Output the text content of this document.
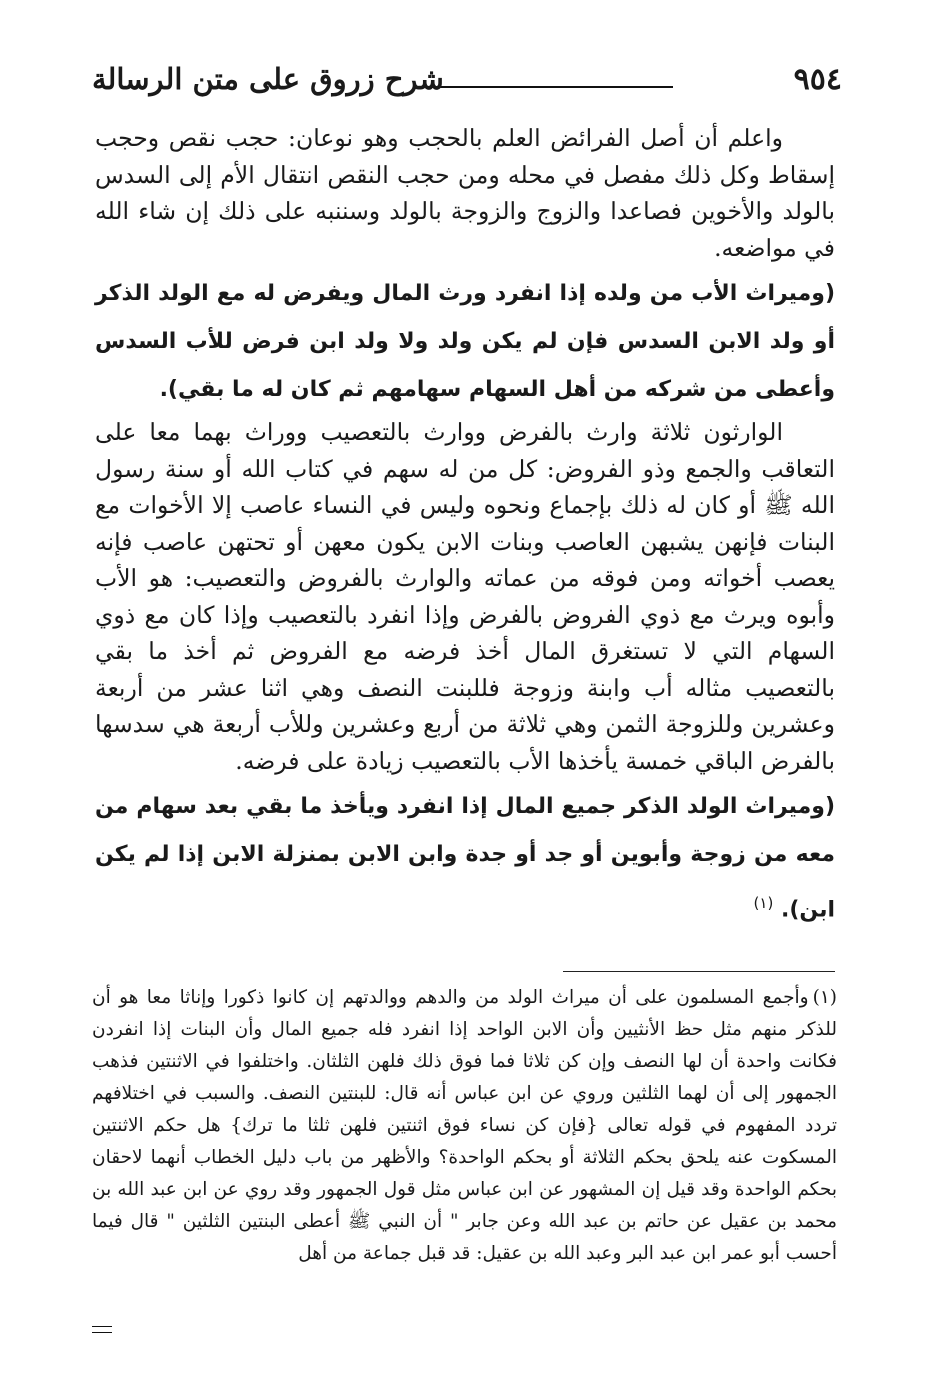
٩٥٤
شرح زروق على متن الرسالة

واعلم أن أصل الفرائض العلم بالحجب وهو نوعان: حجب نقص وحجب إسقاط وكل ذلك مفصل في محله ومن حجب النقص انتقال الأم إلى السدس بالولد والأخوين فصاعدا والزوج والزوجة بالولد وسننبه على ذلك إن شاء الله في مواضعه.

(وميراث الأب من ولده إذا انفرد ورث المال ويفرض له مع الولد الذكر أو ولد الابن السدس فإن لم يكن ولد ولا ولد ابن فرض للأب السدس وأعطى من شركه من أهل السهام سهامهم ثم كان له ما بقي).

الوارثون ثلاثة وارث بالفرض ووارث بالتعصيب ووراث بهما معا على التعاقب والجمع وذو الفروض: كل من له سهم في كتاب الله أو سنة رسول الله ﷺ أو كان له ذلك بإجماع ونحوه وليس في النساء عاصب إلا الأخوات مع البنات فإنهن يشبهن العاصب وبنات الابن يكون معهن أو تحتهن عاصب فإنه يعصب أخواته ومن فوقه من عماته والوارث بالفروض والتعصيب: هو الأب وأبوه ويرث مع ذوي الفروض بالفرض وإذا انفرد بالتعصيب وإذا كان مع ذوي السهام التي لا تستغرق المال أخذ فرضه مع الفروض ثم أخذ ما بقي بالتعصيب مثاله أب وابنة وزوجة فللبنت النصف وهي اثنا عشر من أربعة وعشرين وللزوجة الثمن وهي ثلاثة من أربع وعشرين وللأب أربعة هي سدسها بالفرض الباقي خمسة يأخذها الأب بالتعصيب زيادة على فرضه.

(وميراث الولد الذكر جميع المال إذا انفرد ويأخذ ما بقي بعد سهام من معه من زوجة وأبوين أو جد أو جدة وابن الابن بمنزلة الابن إذا لم يكن ابن). $^{(١)}$

(١)وأجمع المسلمون على أن ميراث الولد من والدهم ووالدتهم إن كانوا ذكورا وإناثا معا هو أن للذكر منهم مثل حظ الأنثيين وأن الابن الواحد إذا انفرد فله جميع المال وأن البنات إذا انفردن فكانت واحدة أن لها النصف وإن كن ثلاثا فما فوق ذلك فلهن الثلثان. واختلفوا في الاثنتين فذهب الجمهور إلى أن لهما الثلثين وروي عن ابن عباس أنه قال: للبنتين النصف. والسبب في اختلافهم تردد المفهوم في قوله تعالى {فإن كن نساء فوق اثنتين فلهن ثلثا ما ترك} هل حكم الاثنتين المسكوت عنه يلحق بحكم الثلاثة أو بحكم الواحدة؟ والأظهر من باب دليل الخطاب أنهما لاحقان بحكم الواحدة وقد قيل إن المشهور عن ابن عباس مثل قول الجمهور وقد روي عن ابن عبد الله بن محمد بن عقيل عن حاتم بن عبد الله وعن جابر " أن النبي ﷺ أعطى البنتين الثلثين " قال فيما أحسب أبو عمر ابن عبد البر وعبد الله بن عقيل: قد قبل جماعة من أهل
